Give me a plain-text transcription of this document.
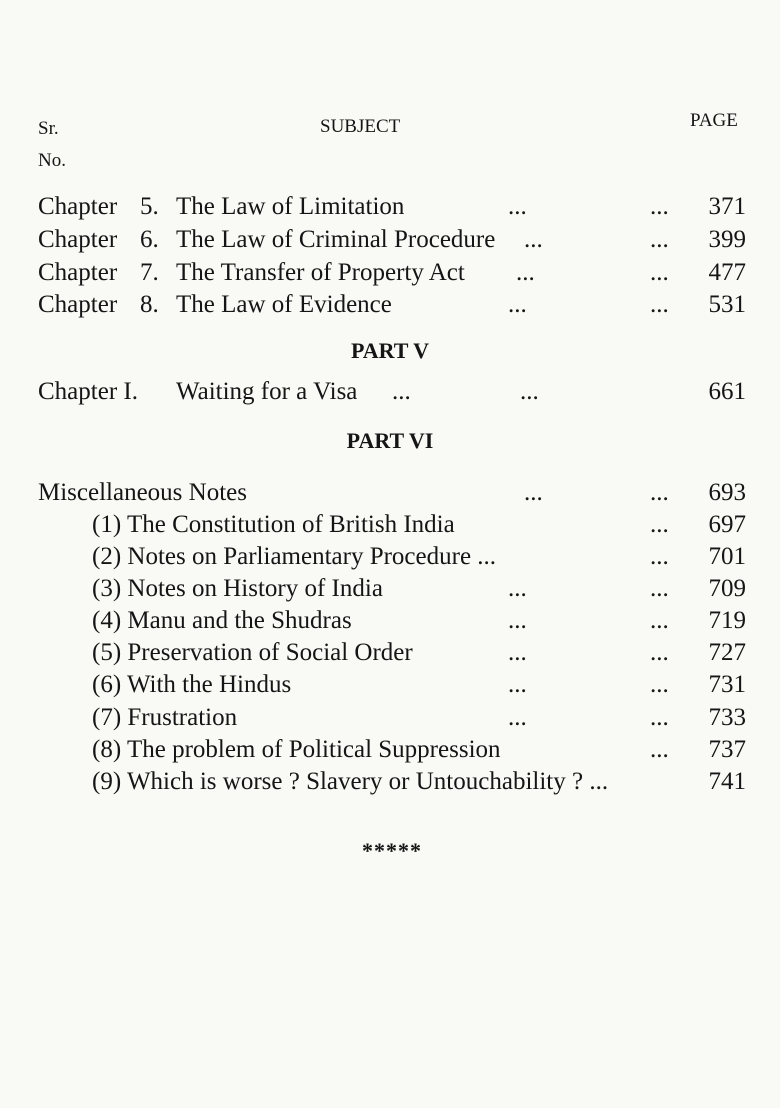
Sr.
No.
SUBJECT	PAGE
Chapter 5. The Law of Limitation	...	... 371
Chapter 6. The Law of Criminal Procedure ...	... 399
Chapter 7. The Transfer of Property Act ...	... 477
Chapter 8. The Law of Evidence	...	... 531
PART V
Chapter I. Waiting for a Visa ...	...	661
PART VI
Miscellaneous Notes	...	... 693
(1) The Constitution of British India	... 697
(2) Notes on Parliamentary Procedure ...	... 701
(3) Notes on History of India	...	... 709
(4) Manu and the Shudras	...	... 719
(5) Preservation of Social Order	...	... 727
(6) With the Hindus	...	... 731
(7) Frustration	...	... 733
(8) The problem of Political Suppression	... 737
(9) Which is worse ? Slavery or Untouchability ? ...	741
*****
